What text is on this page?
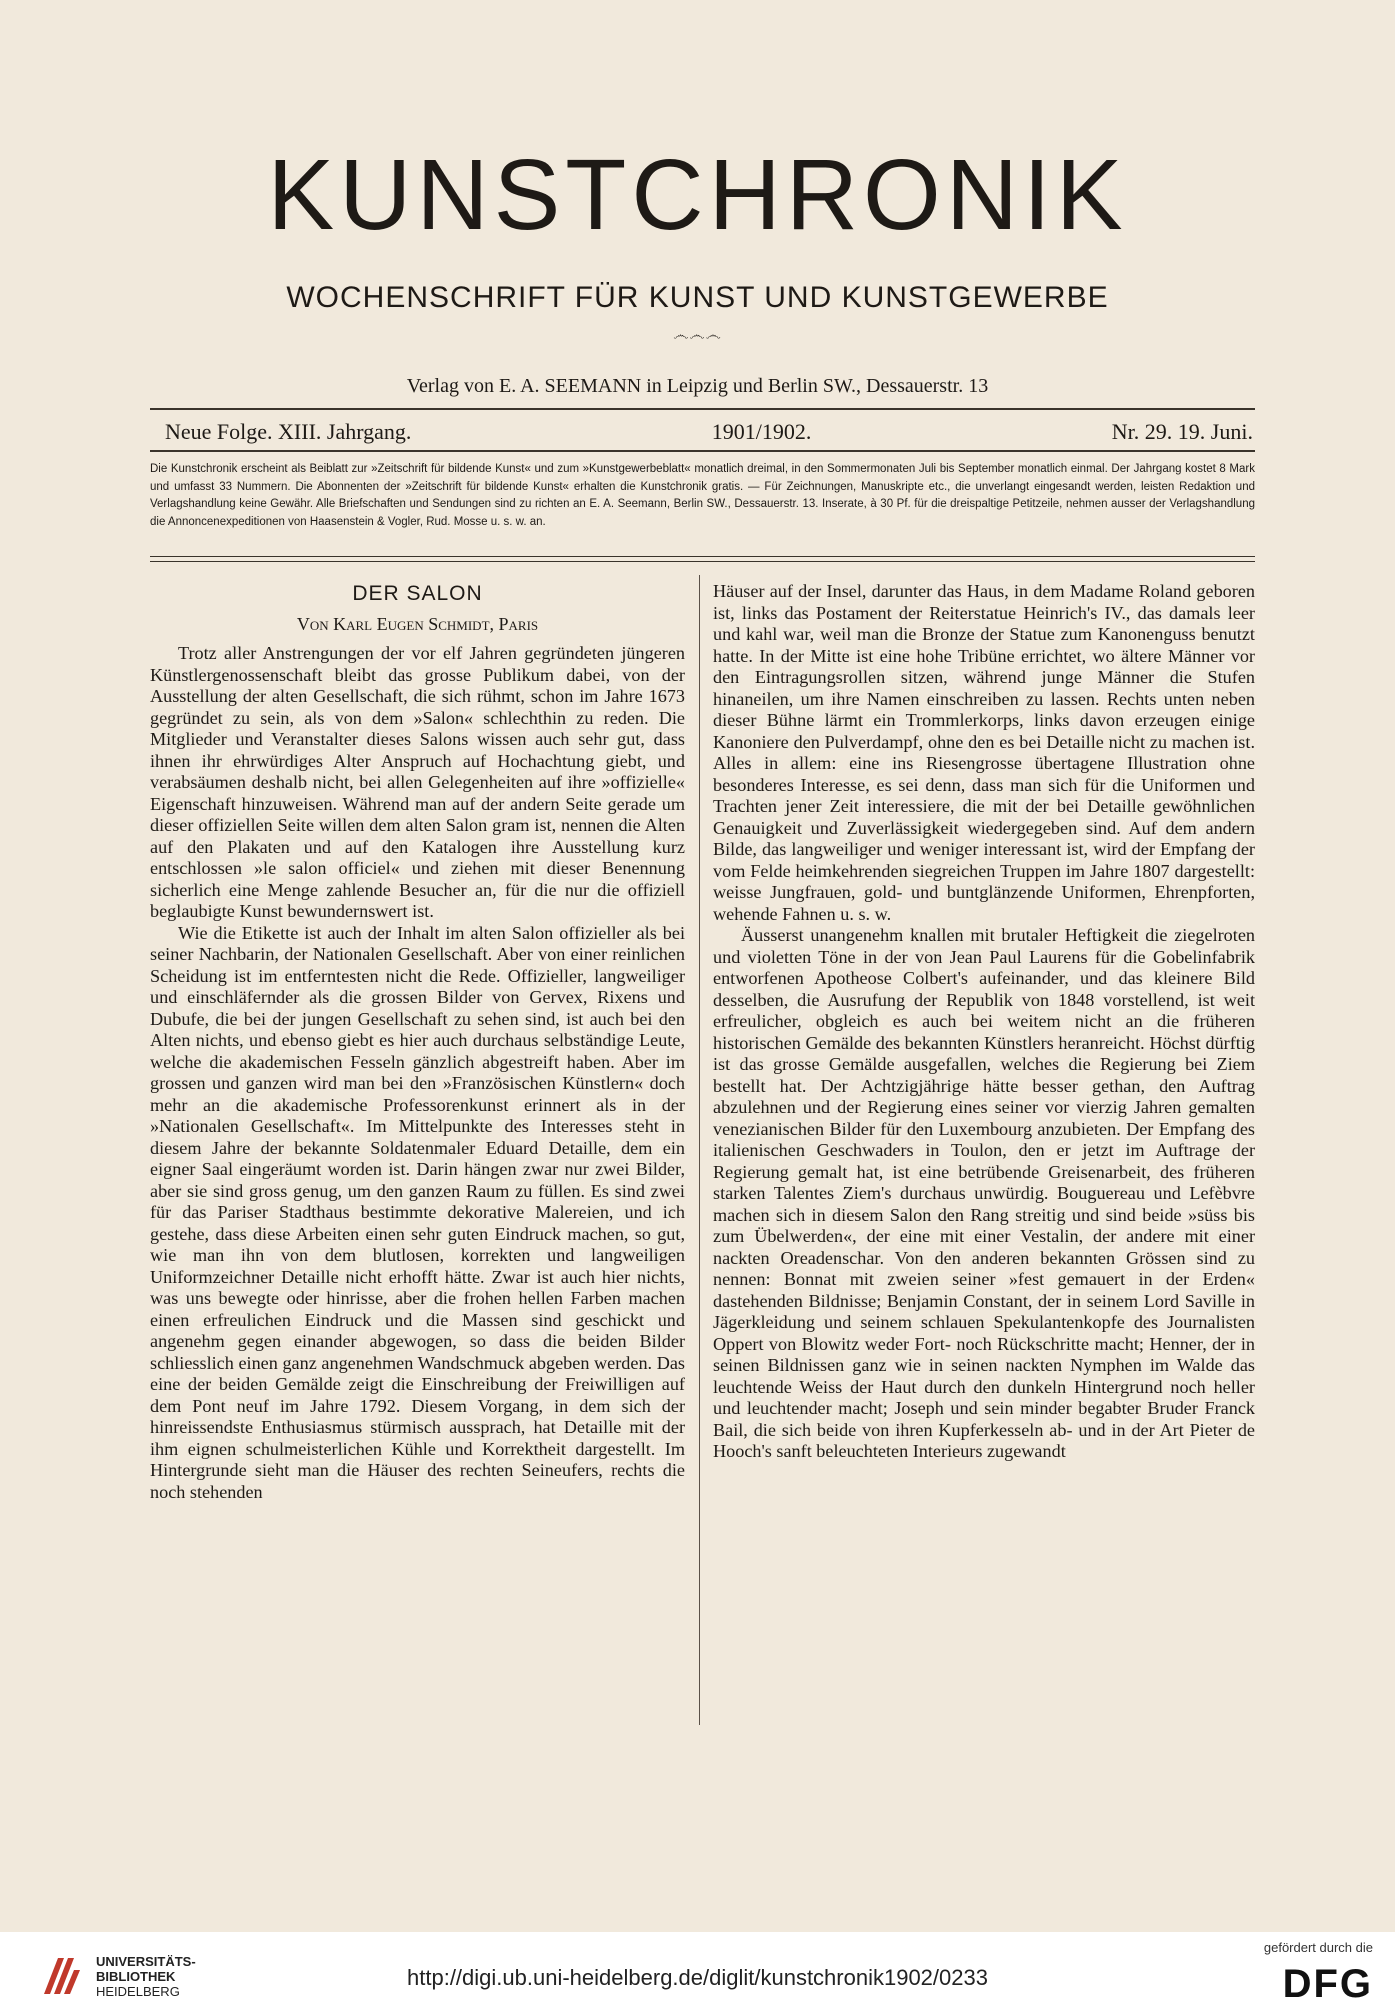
KUNSTCHRONIK
WOCHENSCHRIFT FÜR KUNST UND KUNSTGEWERBE
෴෴෴
Verlag von E. A. SEEMANN in Leipzig und Berlin SW., Dessauerstr. 13
Neue Folge. XIII. Jahrgang.	1901/1902.	Nr. 29. 19. Juni.

Die Kunstchronik erscheint als Beiblatt zur »Zeitschrift für bildende Kunst« und zum »Kunstgewerbeblatt« monatlich dreimal, in den Sommermonaten Juli bis September monatlich einmal. Der Jahrgang kostet 8 Mark und umfasst 33 Nummern. Die Abonnenten der »Zeitschrift für bildende Kunst« erhalten die Kunstchronik gratis. — Für Zeichnungen, Manuskripte etc., die unverlangt eingesandt werden, leisten Redaktion und Verlagshandlung keine Gewähr. Alle Briefschaften und Sendungen sind zu richten an E. A. Seemann, Berlin SW., Dessauerstr. 13. Inserate, à 30 Pf. für die dreispaltige Petitzeile, nehmen ausser der Verlagshandlung die Annoncenexpeditionen von Haasenstein & Vogler, Rud. Mosse u. s. w. an.

DER SALON
Von Karl Eugen Schmidt, Paris

Trotz aller Anstrengungen der vor elf Jahren gegründeten jüngeren Künstlergenossenschaft bleibt das grosse Publikum dabei, von der Ausstellung der alten Gesellschaft, die sich rühmt, schon im Jahre 1673 gegründet zu sein, als von dem »Salon« schlechthin zu reden. Die Mitglieder und Veranstalter dieses Salons wissen auch sehr gut, dass ihnen ihr ehrwürdiges Alter Anspruch auf Hochachtung giebt, und verabsäumen deshalb nicht, bei allen Gelegenheiten auf ihre »offizielle« Eigenschaft hinzuweisen. Während man auf der andern Seite gerade um dieser offiziellen Seite willen dem alten Salon gram ist, nennen die Alten auf den Plakaten und auf den Katalogen ihre Ausstellung kurz entschlossen »le salon officiel« und ziehen mit dieser Benennung sicherlich eine Menge zahlende Besucher an, für die nur die offiziell beglaubigte Kunst bewundernswert ist.

Wie die Etikette ist auch der Inhalt im alten Salon offizieller als bei seiner Nachbarin, der Nationalen Gesellschaft. Aber von einer reinlichen Scheidung ist im entferntesten nicht die Rede. Offizieller, langweiliger und einschläfernder als die grossen Bilder von Gervex, Rixens und Dubufe, die bei der jungen Gesellschaft zu sehen sind, ist auch bei den Alten nichts, und ebenso giebt es hier auch durchaus selbständige Leute, welche die akademischen Fesseln gänzlich abgestreift haben. Aber im grossen und ganzen wird man bei den »Französischen Künstlern« doch mehr an die akademische Professorenkunst erinnert als in der »Nationalen Gesellschaft«. Im Mittelpunkte des Interesses steht in diesem Jahre der bekannte Soldatenmaler Eduard Detaille, dem ein eigner Saal eingeräumt worden ist. Darin hängen zwar nur zwei Bilder, aber sie sind gross genug, um den ganzen Raum zu füllen. Es sind zwei für das Pariser Stadthaus bestimmte dekorative Malereien, und ich gestehe, dass diese Arbeiten einen sehr guten Eindruck machen, so gut, wie man ihn von dem blutlosen, korrekten und langweiligen Uniformzeichner Detaille nicht erhofft hätte. Zwar ist auch hier nichts, was uns bewegte oder hinrisse, aber die frohen hellen Farben machen einen erfreulichen Eindruck und die Massen sind geschickt und angenehm gegen einander abgewogen, so dass die beiden Bilder schliesslich einen ganz angenehmen Wandschmuck abgeben werden. Das eine der beiden Gemälde zeigt die Einschreibung der Freiwilligen auf dem Pont neuf im Jahre 1792. Diesem Vorgang, in dem sich der hinreissendste Enthusiasmus stürmisch aussprach, hat Detaille mit der ihm eignen schulmeisterlichen Kühle und Korrektheit dargestellt. Im Hintergrunde sieht man die Häuser des rechten Seineufers, rechts die noch stehenden

Häuser auf der Insel, darunter das Haus, in dem Madame Roland geboren ist, links das Postament der Reiterstatue Heinrich's IV., das damals leer und kahl war, weil man die Bronze der Statue zum Kanonenguss benutzt hatte. In der Mitte ist eine hohe Tribüne errichtet, wo ältere Männer vor den Eintragungsrollen sitzen, während junge Männer die Stufen hinaneilen, um ihre Namen einschreiben zu lassen. Rechts unten neben dieser Bühne lärmt ein Trommlerkorps, links davon erzeugen einige Kanoniere den Pulverdampf, ohne den es bei Detaille nicht zu machen ist. Alles in allem: eine ins Riesengrosse übertagene Illustration ohne besonderes Interesse, es sei denn, dass man sich für die Uniformen und Trachten jener Zeit interessiere, die mit der bei Detaille gewöhnlichen Genauigkeit und Zuverlässigkeit wiedergegeben sind. Auf dem andern Bilde, das langweiliger und weniger interessant ist, wird der Empfang der vom Felde heimkehrenden siegreichen Truppen im Jahre 1807 dargestellt: weisse Jungfrauen, gold- und buntglänzende Uniformen, Ehrenpforten, wehende Fahnen u. s. w.

Äusserst unangenehm knallen mit brutaler Heftigkeit die ziegelroten und violetten Töne in der von Jean Paul Laurens für die Gobelinfabrik entworfenen Apotheose Colbert's aufeinander, und das kleinere Bild desselben, die Ausrufung der Republik von 1848 vorstellend, ist weit erfreulicher, obgleich es auch bei weitem nicht an die früheren historischen Gemälde des bekannten Künstlers heranreicht. Höchst dürftig ist das grosse Gemälde ausgefallen, welches die Regierung bei Ziem bestellt hat. Der Achtzigjährige hätte besser gethan, den Auftrag abzulehnen und der Regierung eines seiner vor vierzig Jahren gemalten venezianischen Bilder für den Luxembourg anzubieten. Der Empfang des italienischen Geschwaders in Toulon, den er jetzt im Auftrage der Regierung gemalt hat, ist eine betrübende Greisenarbeit, des früheren starken Talentes Ziem's durchaus unwürdig. Bouguereau und Lefèbvre machen sich in diesem Salon den Rang streitig und sind beide »süss bis zum Übelwerden«, der eine mit einer Vestalin, der andere mit einer nackten Oreadenschar. Von den anderen bekannten Grössen sind zu nennen: Bonnat mit zweien seiner »fest gemauert in der Erden« dastehenden Bildnisse; Benjamin Constant, der in seinem Lord Saville in Jägerkleidung und seinem schlauen Spekulantenkopfe des Journalisten Oppert von Blowitz weder Fort- noch Rückschritte macht; Henner, der in seinen Bildnissen ganz wie in seinen nackten Nymphen im Walde das leuchtende Weiss der Haut durch den dunkeln Hintergrund noch heller und leuchtender macht; Joseph und sein minder begabter Bruder Franck Bail, die sich beide von ihren Kupferkesseln ab- und in der Art Pieter de Hooch's sanft beleuchteten Interieurs zugewandt

UNIVERSITÄTS-
BIBLIOTHEK
HEIDELBERG
http://digi.ub.uni-heidelberg.de/diglit/kunstchronik1902/0233
gefördert durch die
DFG
